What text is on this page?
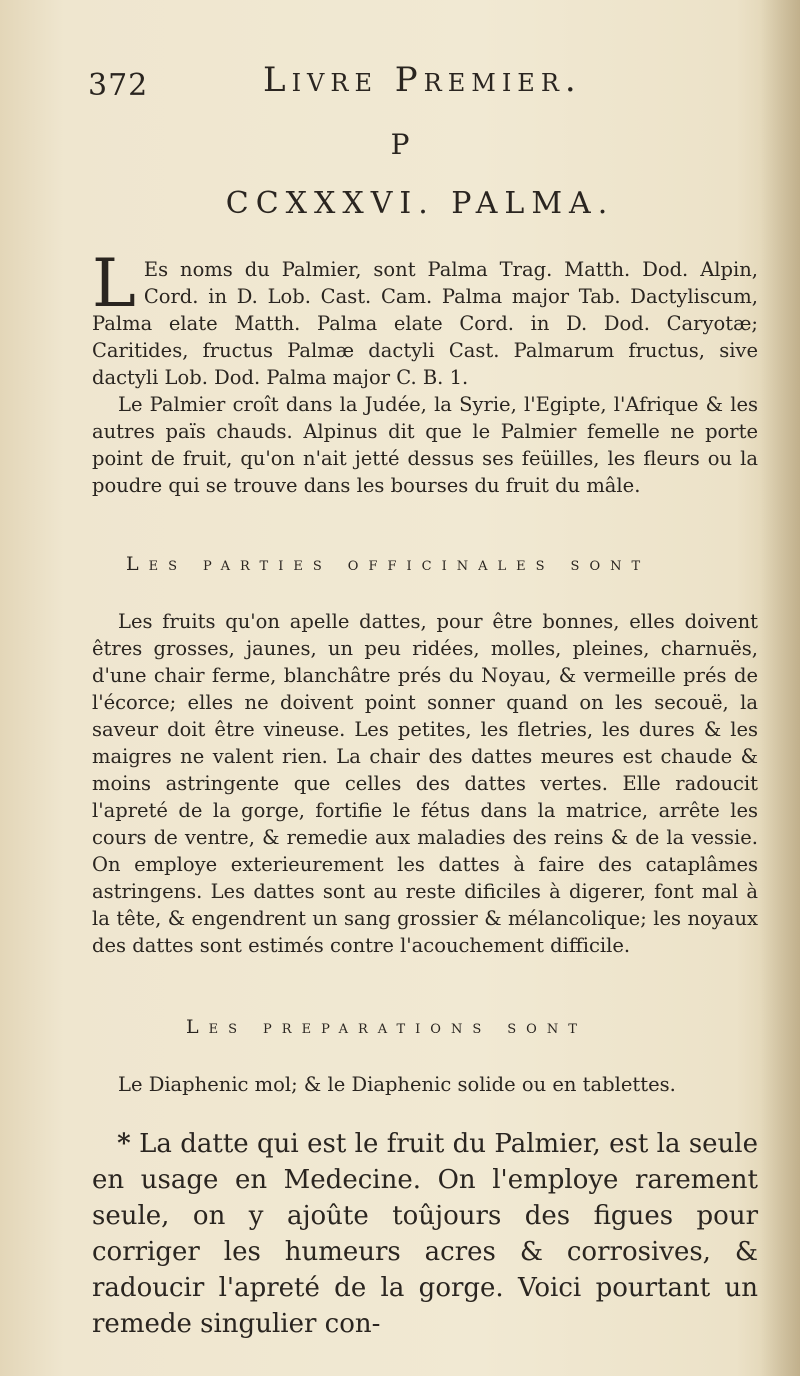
372	Livre Premier.
P
CCXXXVI. PALMA.

L Es noms du Palmier, sont Palma Trag. Matth. Dod. Alpin, Cord. in D. Lob. Cast. Cam. Palma major Tab. Dactyliscum, Palma elate Matth. Palma elate Cord. in D. Dod. Caryotæ; Caritides, fructus Palmæ dactyli Cast. Palmarum fructus, sive dactyli Lob. Dod. Palma major C. B. 1.

Le Palmier croît dans la Judée, la Syrie, l'Egipte, l'Afrique & les autres païs chauds. Alpinus dit que le Palmier femelle ne porte point de fruit, qu'on n'ait jetté dessus ses feüilles, les fleurs ou la poudre qui se trouve dans les bourses du fruit du mâle.

Les parties officinales sont

Les fruits qu'on apelle dattes, pour être bonnes, elles doivent êtres grosses, jaunes, un peu ridées, molles, pleines, charnuës, d'une chair ferme, blanchâtre prés du Noyau, & vermeille prés de l'écorce; elles ne doivent point sonner quand on les secouë, la saveur doit être vineuse. Les petites, les fletries, les dures & les maigres ne valent rien. La chair des dattes meures est chaude & moins astringente que celles des dattes vertes. Elle radoucit l'apreté de la gorge, fortifie le fétus dans la matrice, arrête les cours de ventre, & remedie aux maladies des reins & de la vessie. On employe exterieurement les dattes à faire des cataplâmes astringens. Les dattes sont au reste dificiles à digerer, font mal à la tête, & engendrent un sang grossier & mélancolique; les noyaux des dattes sont estimés contre l'acouchement difficile.

Les preparations sont

Le Diaphenic mol; & le Diaphenic solide ou en tablettes.

* La datte qui est le fruit du Palmier, est la seule en usage en Medecine. On l'employe rarement seule, on y ajoûte toûjours des figues pour corriger les humeurs acres & corrosives, & radoucir l'apreté de la gorge. Voici pourtant un remede singulier con-
